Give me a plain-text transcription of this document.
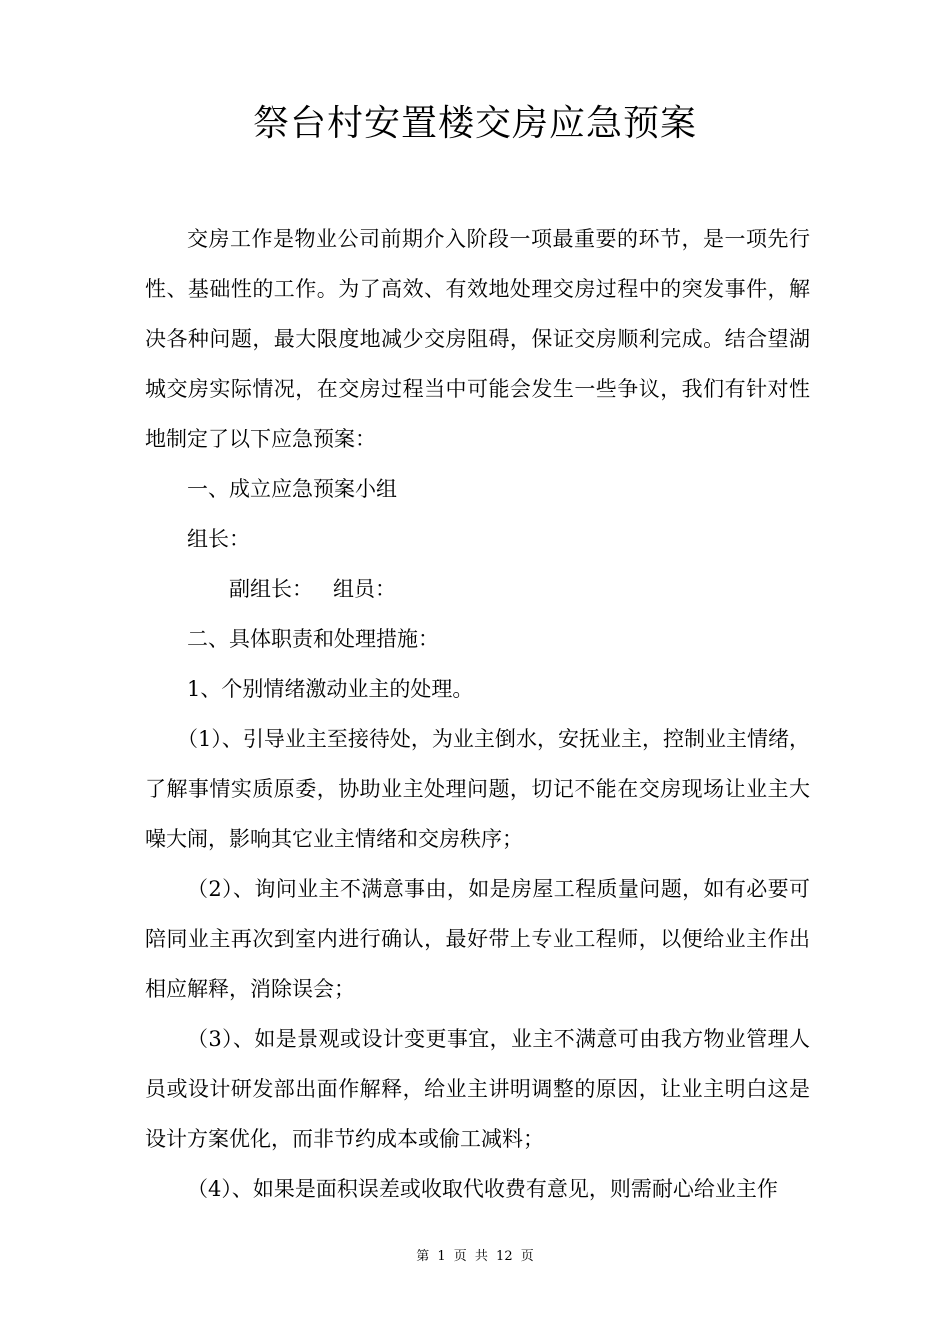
祭台村安置楼交房应急预案

交房工作是物业公司前期介入阶段一项最重要的环节，是一项先行性、基础性的工作。为了高效、有效地处理交房过程中的突发事件，解决各种问题，最大限度地减少交房阻碍，保证交房顺利完成。结合望湖城交房实际情况，在交房过程当中可能会发生一些争议，我们有针对性地制定了以下应急预案：

一、成立应急预案小组

组长：

副组长： 组员：

二、具体职责和处理措施：

1、个别情绪激动业主的处理。

（1）、引导业主至接待处，为业主倒水，安抚业主，控制业主情绪，了解事情实质原委，协助业主处理问题，切记不能在交房现场让业主大噪大闹，影响其它业主情绪和交房秩序；

（2）、询问业主不满意事由，如是房屋工程质量问题，如有必要可陪同业主再次到室内进行确认，最好带上专业工程师，以便给业主作出相应解释，消除误会；

（3）、如是景观或设计变更事宜，业主不满意可由我方物业管理人员或设计研发部出面作解释，给业主讲明调整的原因，让业主明白这是设计方案优化，而非节约成本或偷工减料；

（4）、如果是面积误差或收取代收费有意见，则需耐心给业主作

第 1 页 共 12 页
